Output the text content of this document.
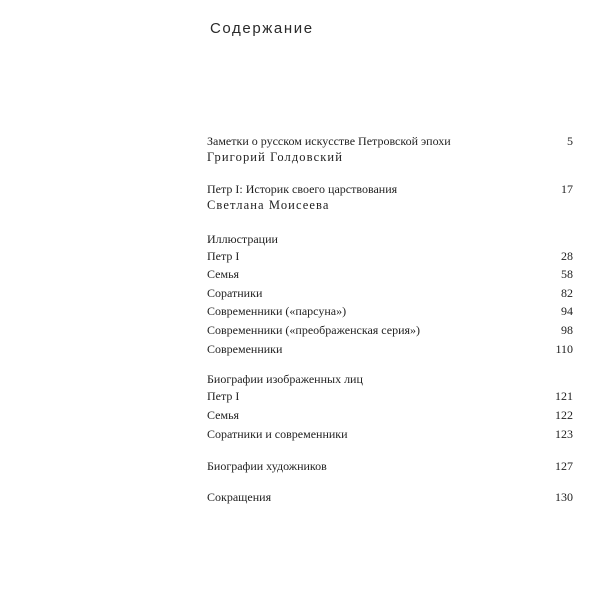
Содержание
Заметки о русском искусстве Петровской эпохи	5
Григорий Голдовский
Петр I: Историк своего царствования	17
Светлана Моисеева
Иллюстрации
Петр I	28
Семья	58
Соратники	82
Современники («парсуна»)	94
Современники («преображенская серия»)	98
Современники	110
Биографии изображенных лиц
Петр I	121
Семья	122
Соратники и современники	123
Биографии художников	127
Сокращения	130
